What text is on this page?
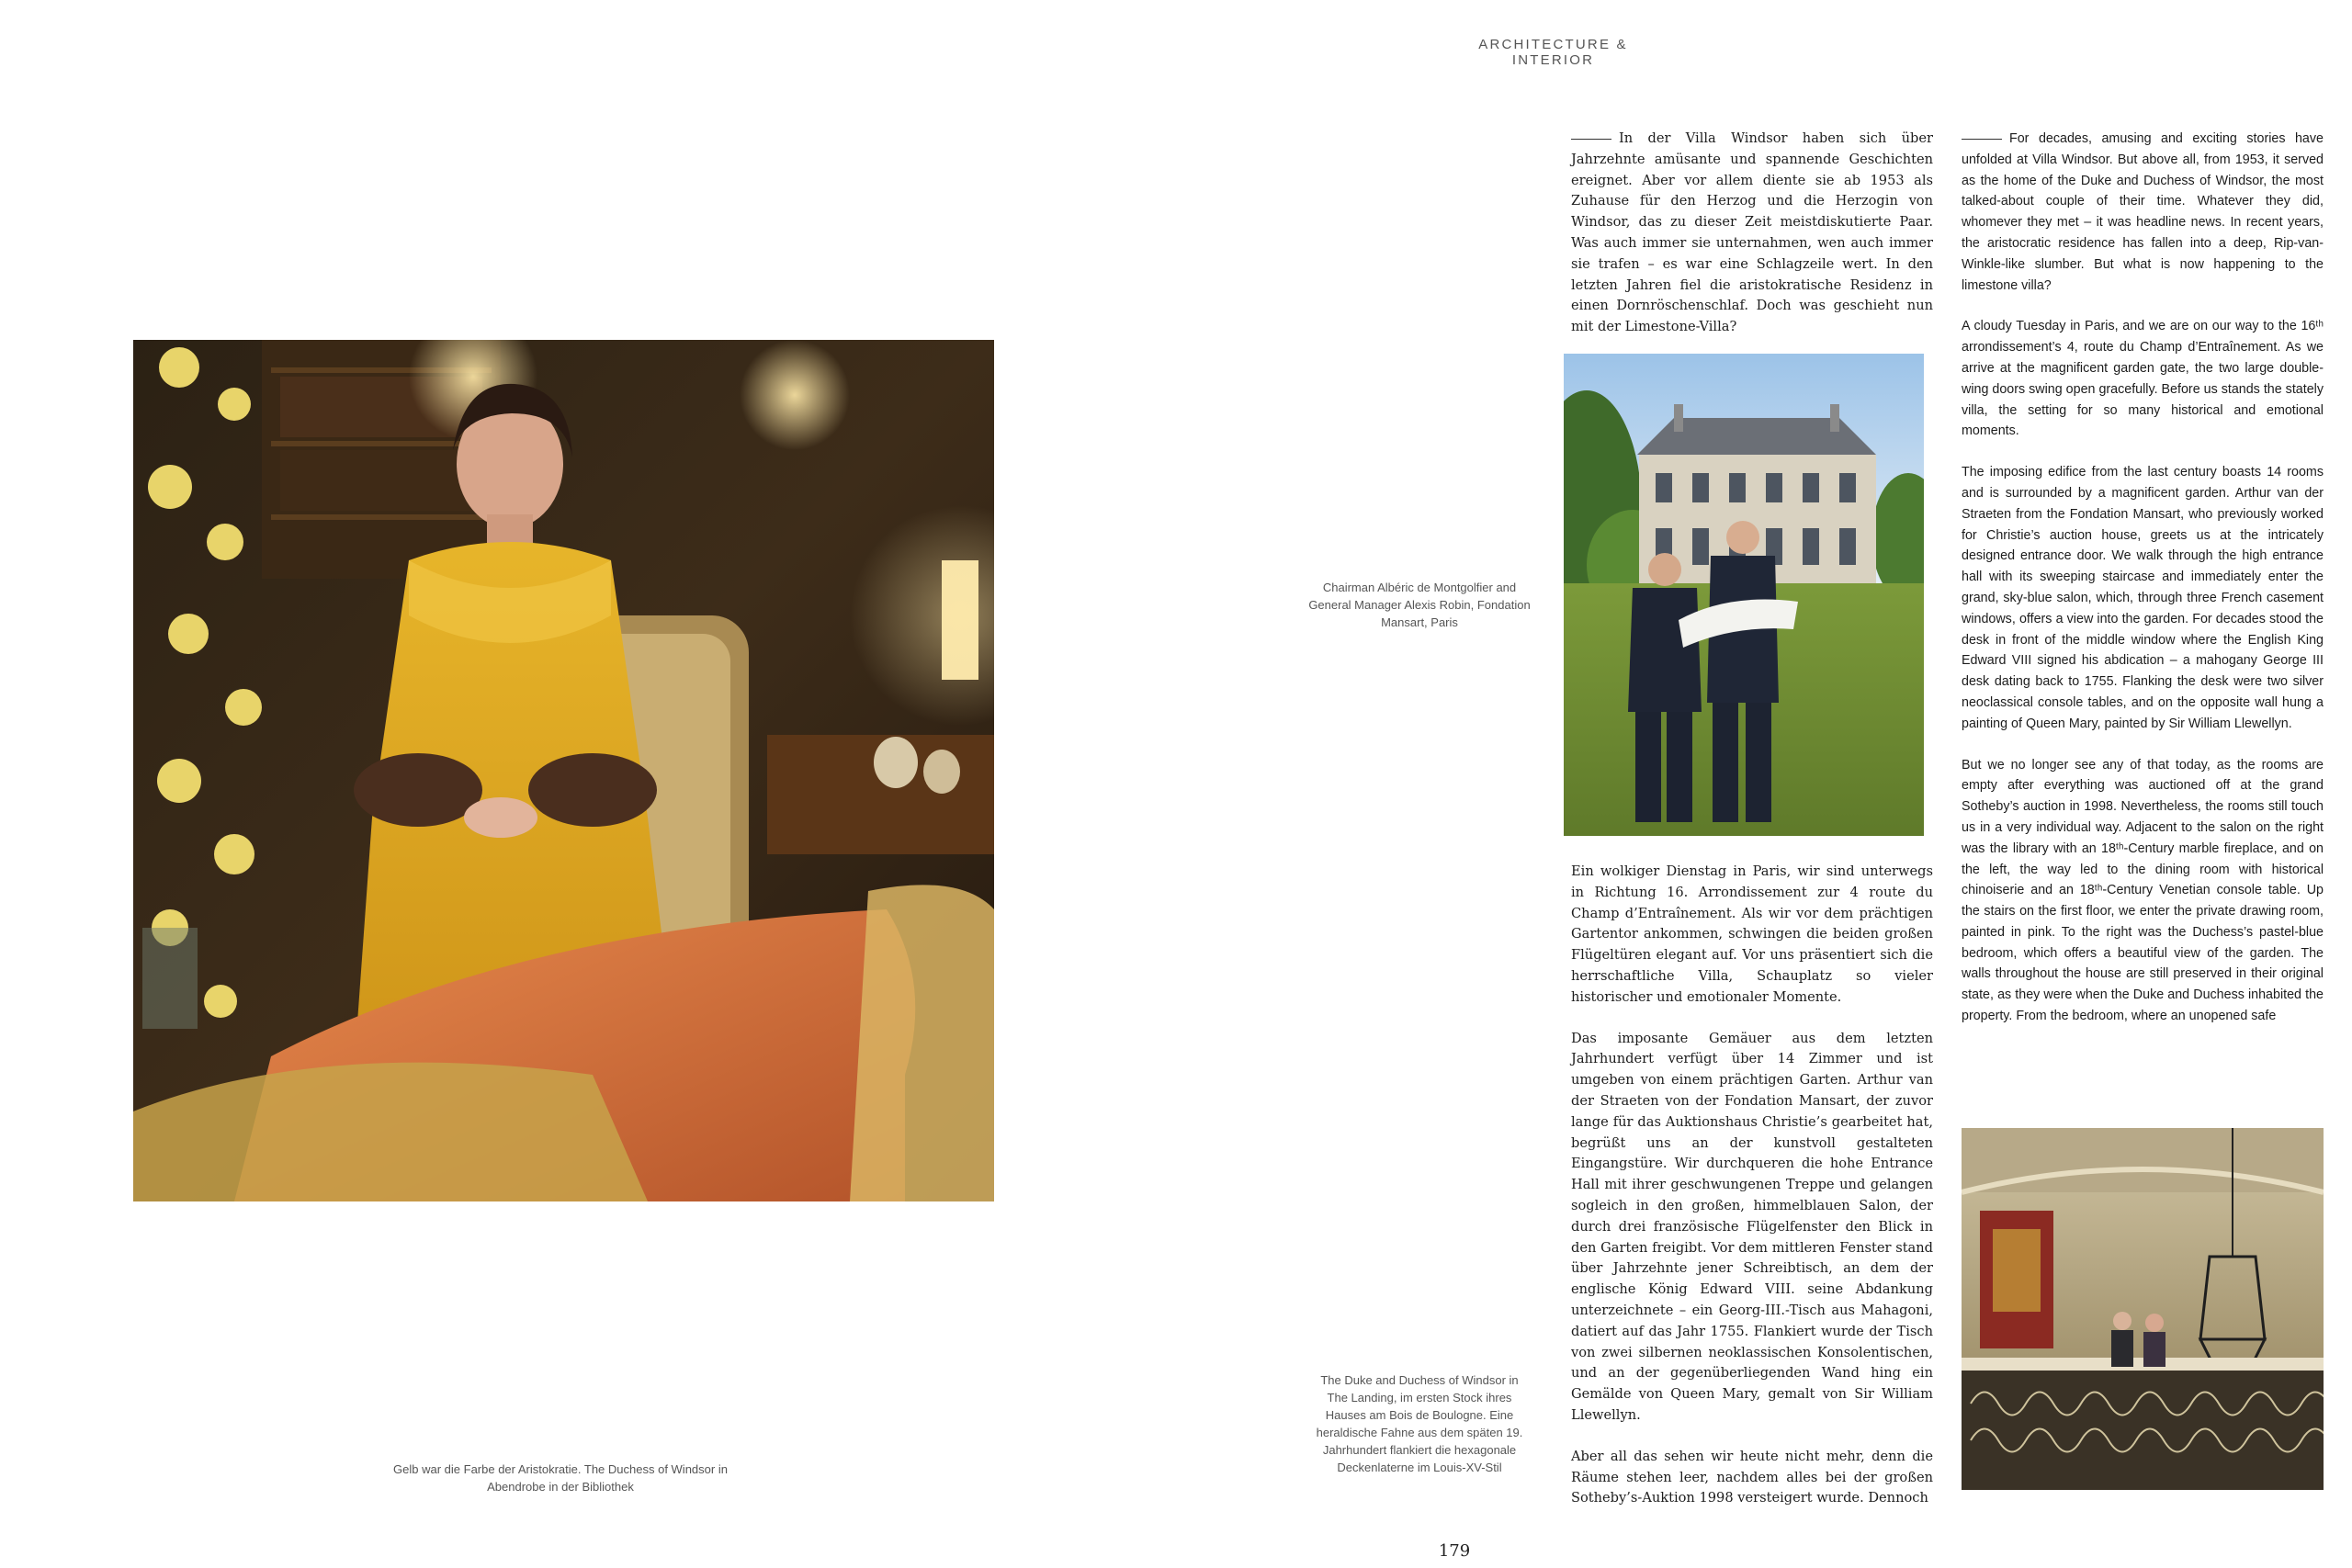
ARCHITECTURE & INTERIOR
Gelb war die Farbe der Aristokratie. The Duchess of Windsor in Abendrobe in der Bibliothek
Chairman Albéric de Montgolfier and General Manager Alexis Robin, Fondation Mansart, Paris
The Duke and Duchess of Windsor in The Landing, im ersten Stock ihres Hauses am Bois de Boulogne. Eine heraldische Fahne aus dem späten 19. Jahrhundert flankiert die hexagonale Deckenlaterne im Louis-XV-Stil

In der Villa Windsor haben sich über Jahrzehnte amüsante und spannende Geschichten ereignet. Aber vor allem diente sie ab 1953 als Zuhause für den Herzog und die Herzogin von Windsor, das zu dieser Zeit meistdiskutierte Paar. Was auch immer sie unternahmen, wen auch immer sie trafen – es war eine Schlagzeile wert. In den letzten Jahren fiel die aristokratische Residenz in einen Dornröschenschlaf. Doch was geschieht nun mit der Limestone-Villa?

Ein wolkiger Dienstag in Paris, wir sind unterwegs in Richtung 16. Arrondissement zur 4 route du Champ d’Entraînement. Als wir vor dem prächtigen Gartentor ankommen, schwingen die beiden großen Flügeltüren elegant auf. Vor uns präsentiert sich die herrschaftliche Villa, Schauplatz so vieler historischer und emotionaler Momente.

Das imposante Gemäuer aus dem letzten Jahrhundert verfügt über 14 Zimmer und ist umgeben von einem prächtigen Garten. Arthur van der Straeten von der Fondation Mansart, der zuvor lange für das Auktionshaus Christie’s gearbeitet hat, begrüßt uns an der kunstvoll gestalteten Eingangstüre. Wir durchqueren die hohe Entrance Hall mit ihrer geschwungenen Treppe und gelangen sogleich in den großen, himmelblauen Salon, der durch drei französische Flügelfenster den Blick in den Garten freigibt. Vor dem mittleren Fenster stand über Jahrzehnte jener Schreibtisch, an dem der englische König Edward VIII. seine Abdankung unterzeichnete – ein Georg-III.-Tisch aus Mahagoni, datiert auf das Jahr 1755. Flankiert wurde der Tisch von zwei silbernen neoklassischen Konsolentischen, und an der gegenüberliegenden Wand hing ein Gemälde von Queen Mary, gemalt von Sir William Llewellyn.

Aber all das sehen wir heute nicht mehr, denn die Räume stehen leer, nachdem alles bei der großen Sotheby’s-Auktion 1998 versteigert wurde. Dennoch

For decades, amusing and exciting stories have unfolded at Villa Windsor. But above all, from 1953, it served as the home of the Duke and Duchess of Windsor, the most talked-about couple of their time. Whatever they did, whomever they met – it was headline news. In recent years, the aristocratic residence has fallen into a deep, Rip-van-Winkle-like slumber. But what is now happening to the limestone villa?

A cloudy Tuesday in Paris, and we are on our way to the 16ᵗʰ arrondissement’s 4, route du Champ d’Entraînement. As we arrive at the magnificent garden gate, the two large double-wing doors swing open gracefully. Before us stands the stately villa, the setting for so many historical and emotional moments.

The imposing edifice from the last century boasts 14 rooms and is surrounded by a magnificent garden. Arthur van der Straeten from the Fondation Mansart, who previously worked for Christie’s auction house, greets us at the intricately designed entrance door. We walk through the high entrance hall with its sweeping staircase and immediately enter the grand, sky-blue salon, which, through three French casement windows, offers a view into the garden. For decades stood the desk in front of the middle window where the English King Edward VIII signed his abdication – a mahogany George III desk dating back to 1755. Flanking the desk were two silver neoclassical console tables, and on the opposite wall hung a painting of Queen Mary, painted by Sir William Llewellyn.

But we no longer see any of that today, as the rooms are empty after everything was auctioned off at the grand Sotheby’s auction in 1998. Nevertheless, the rooms still touch us in a very individual way. Adjacent to the salon on the right was the library with an 18ᵗʰ-Century marble fireplace, and on the left, the way led to the dining room with historical chinoiserie and an 18ᵗʰ-Century Venetian console table. Up the stairs on the first floor, we enter the private drawing room, painted in pink. To the right was the Duchess’s pastel-blue bedroom, which offers a beautiful view of the garden. The walls throughout the house are still preserved in their original state, as they were when the Duke and Duchess inhabited the property. From the bedroom, where an unopened safe

179
